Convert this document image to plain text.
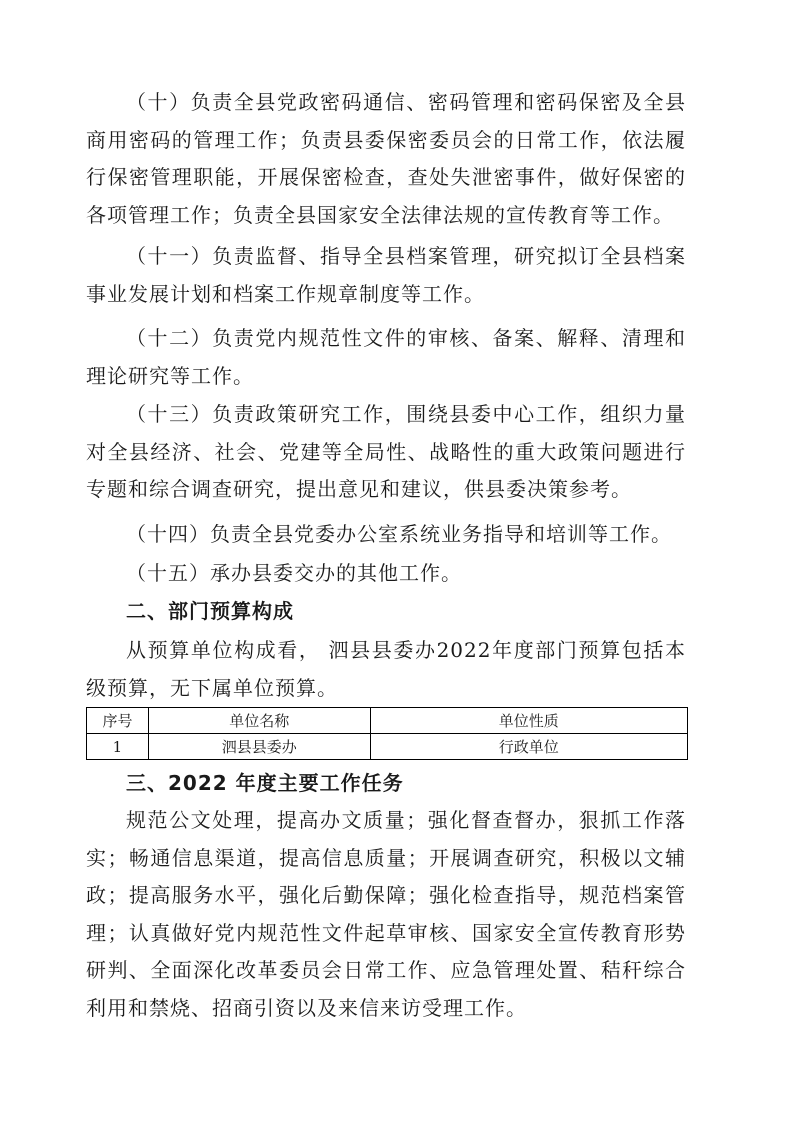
（十）负责全县党政密码通信、密码管理和密码保密及全县商用密码的管理工作；负责县委保密委员会的日常工作，依法履行保密管理职能，开展保密检查，查处失泄密事件，做好保密的各项管理工作；负责全县国家安全法律法规的宣传教育等工作。

（十一）负责监督、指导全县档案管理，研究拟订全县档案事业发展计划和档案工作规章制度等工作。

（十二）负责党内规范性文件的审核、备案、解释、清理和理论研究等工作。

（十三）负责政策研究工作，围绕县委中心工作，组织力量对全县经济、社会、党建等全局性、战略性的重大政策问题进行专题和综合调查研究，提出意见和建议，供县委决策参考。

（十四）负责全县党委办公室系统业务指导和培训等工作。

（十五）承办县委交办的其他工作。

二、部门预算构成

从预算单位构成看， 泗县县委办2022年度部门预算包括本级预算，无下属单位预算。

序号	单位名称	单位性质
1	泗县县委办	行政单位
三、2022 年度主要工作任务

规范公文处理，提高办文质量；强化督查督办，狠抓工作落实；畅通信息渠道，提高信息质量；开展调查研究，积极以文辅政；提高服务水平，强化后勤保障；强化检查指导，规范档案管理；认真做好党内规范性文件起草审核、国家安全宣传教育形势研判、全面深化改革委员会日常工作、应急管理处置、秸秆综合利用和禁烧、招商引资以及来信来访受理工作。
